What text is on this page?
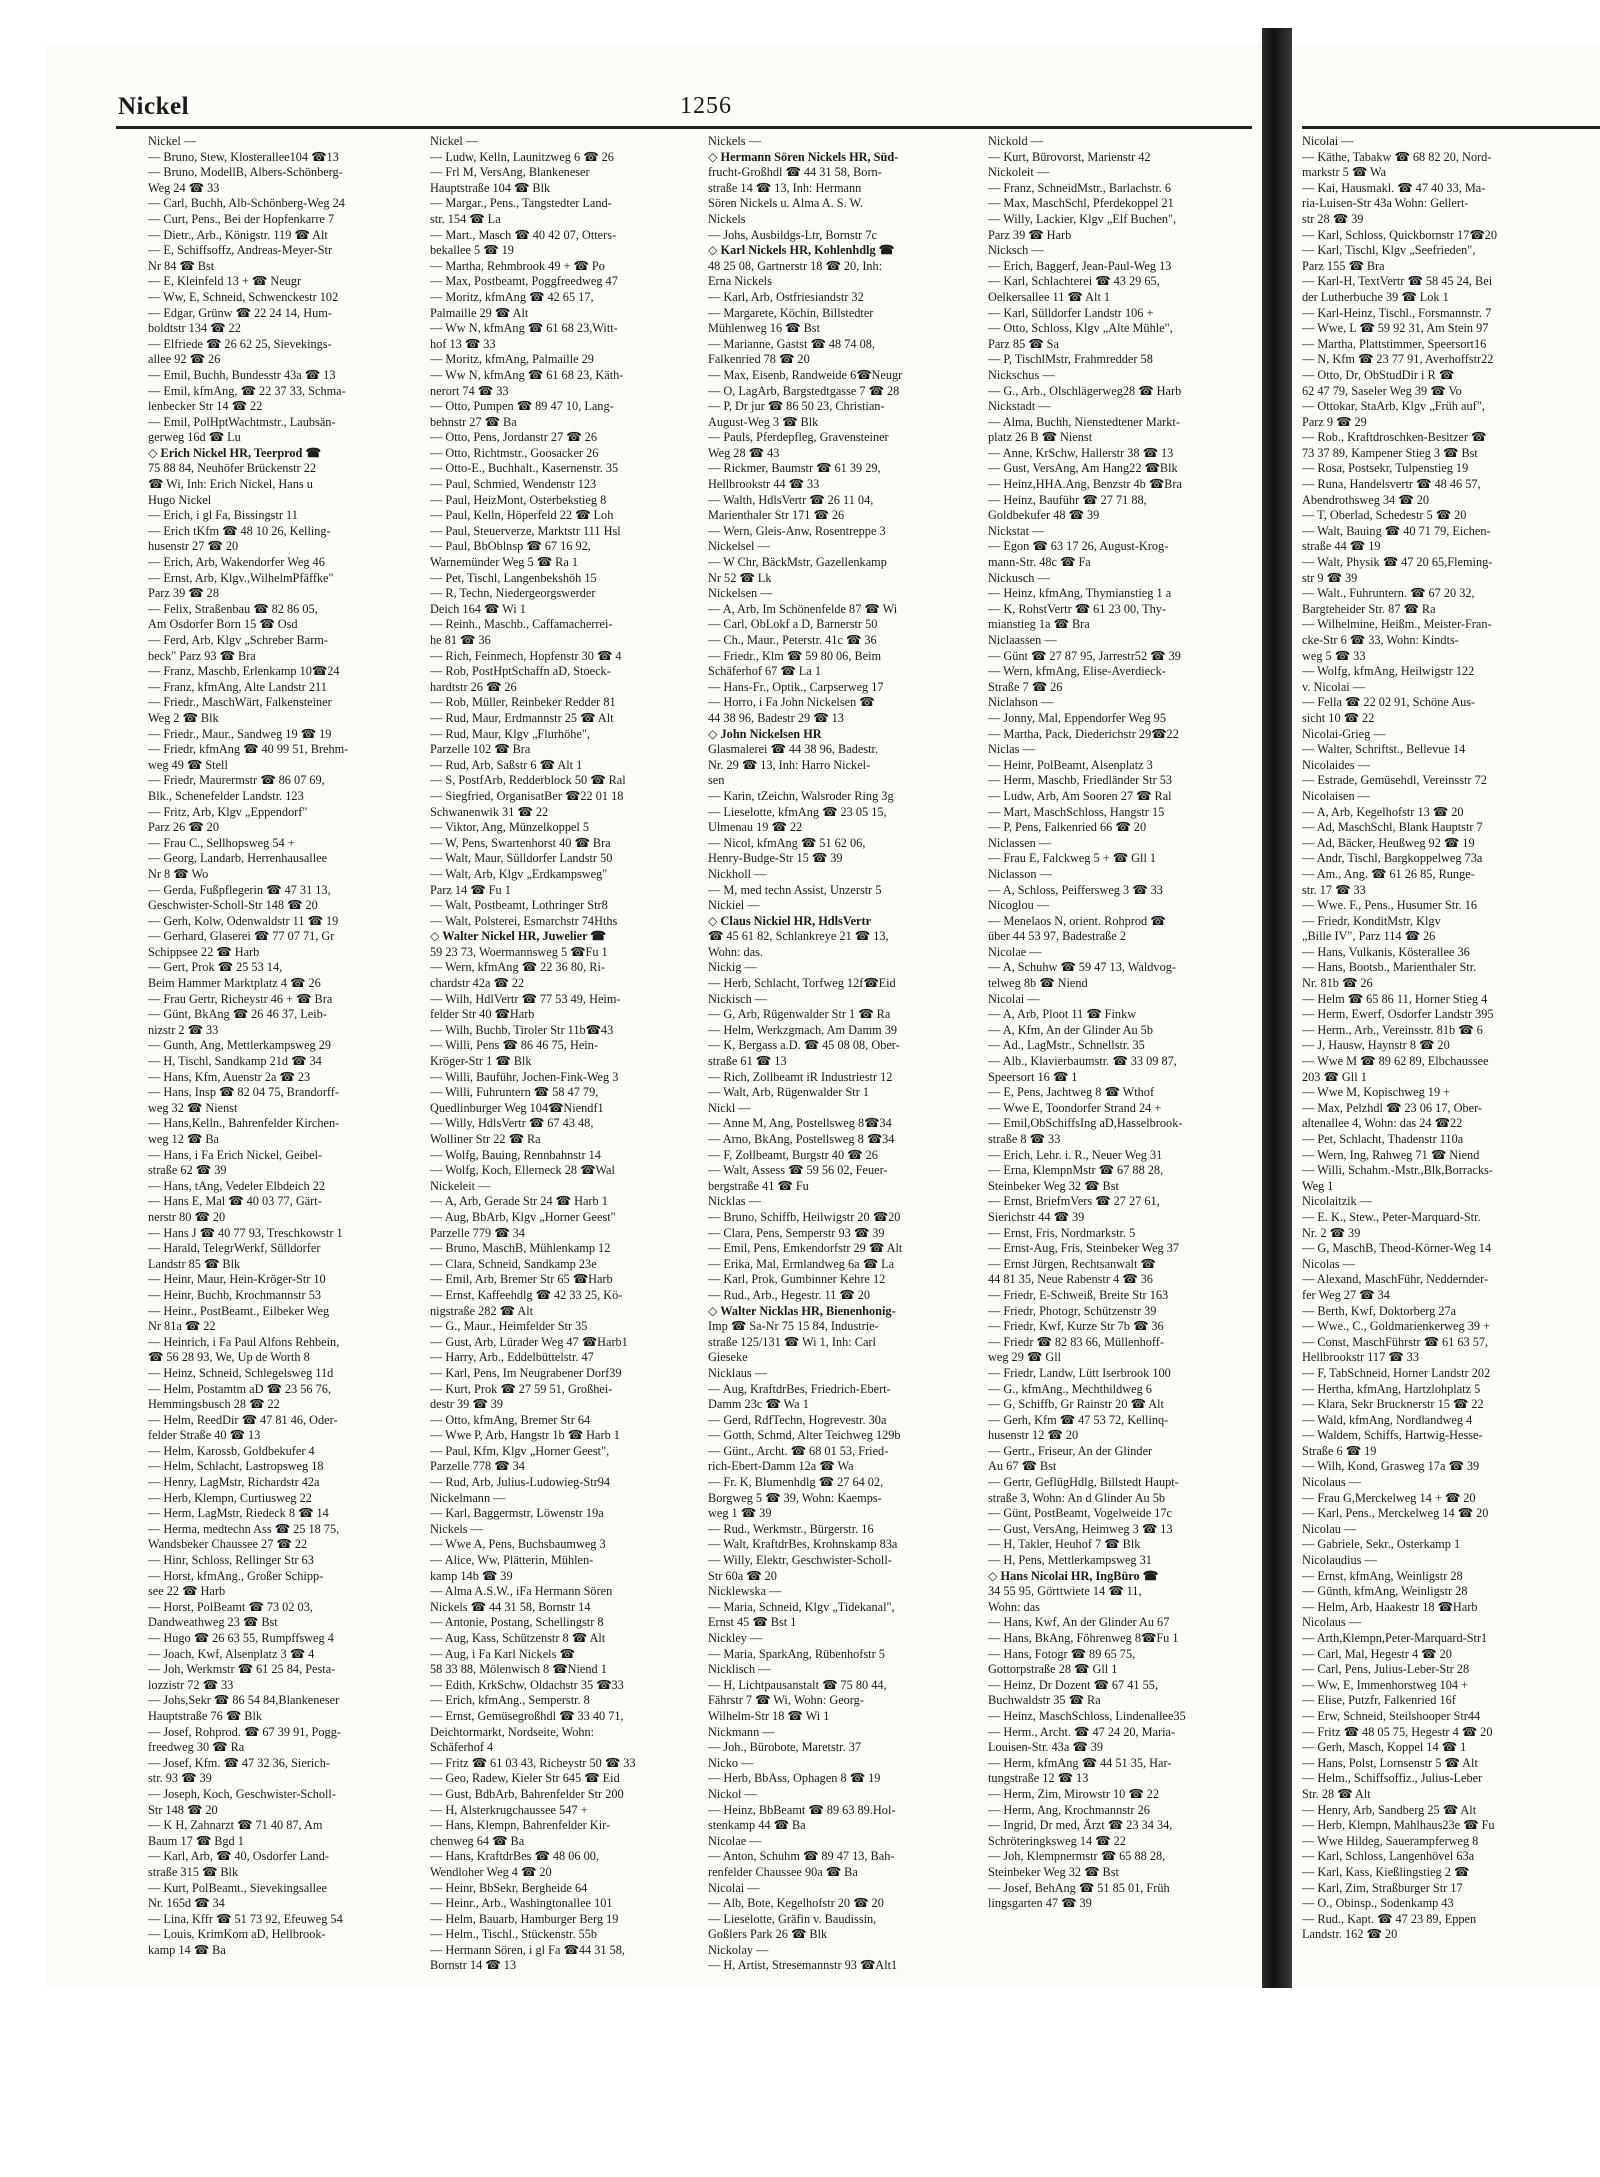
Nickel	1256
Nickel —
— Bruno, Stew, Klosterallee104 ☎13
— Bruno, ModellB, Albers-Schönberg-
Weg 24 ☎ 33
— Carl, Buchh, Alb-Schönberg-Weg 24
— Curt, Pens., Bei der Hopfenkarre 7
— Dietr., Arb., Königstr. 119 ☎ Alt
— E, Schiffsoffz, Andreas-Meyer-Str
Nr 84 ☎ Bst
— E, Kleinfeld 13 + ☎ Neugr
— Ww, E, Schneid, Schwenckestr 102
— Edgar, Grünw ☎ 22 24 14, Hum-
boldtstr 134 ☎ 22
— Elfriede ☎ 26 62 25, Sievekings-
allee 92 ☎ 26
— Emil, Buchh, Bundesstr 43a ☎ 13
— Emil, kfmAng, ☎ 22 37 33, Schma-
lenbecker Str 14 ☎ 22
— Emil, PolHptWachtmstr., Laubsän-
gerweg 16d ☎ Lu
◇ Erich Nickel HR, Teerprod ☎
75 88 84, Neuhöfer Brückenstr 22
☎ Wi, Inh: Erich Nickel, Hans u
Hugo Nickel
— Erich, i gl Fa, Bissingstr 11
— Erich tKfm ☎ 48 10 26, Kelling-
husenstr 27 ☎ 20
— Erich, Arb, Wakendorfer Weg 46
— Ernst, Arb, Klgv.,WilhelmPfäffke"
Parz 39 ☎ 28
— Felix, Straßenbau ☎ 82 86 05,
Am Osdorfer Born 15 ☎ Osd
— Ferd, Arb, Klgv „Schreber Barm-
beck" Parz 93 ☎ Bra
— Franz, Maschb, Erlenkamp 10☎24
— Franz, kfmAng, Alte Landstr 211
— Friedr., MaschWärt, Falkensteiner
Weg 2 ☎ Blk
— Friedr., Maur., Sandweg 19 ☎ 19
— Friedr, kfmAng ☎ 40 99 51, Brehm-
weg 49 ☎ Stell
— Friedr, Maurermstr ☎ 86 07 69,
Blk., Schenefelder Landstr. 123
— Fritz, Arb, Klgv „Eppendorf"
Parz 26 ☎ 20
— Frau C., Sellhopsweg 54 +
— Georg, Landarb, Herrenhausallee
Nr 8 ☎ Wo
— Gerda, Fußpflegerin ☎ 47 31 13,
Geschwister-Scholl-Str 148 ☎ 20
— Gerh, Kolw, Odenwaldstr 11 ☎ 19
— Gerhard, Glaserei ☎ 77 07 71, Gr
Schippsee 22 ☎ Harb
— Gert, Prok ☎ 25 53 14,
Beim Hammer Marktplatz 4 ☎ 26
— Frau Gertr, Richeystr 46 + ☎ Bra
— Günt, BkAng ☎ 26 46 37, Leib-
nizstr 2 ☎ 33
— Gunth, Ang, Mettlerkampsweg 29
— H, Tischl, Sandkamp 21d ☎ 34
— Hans, Kfm, Auenstr 2a ☎ 23
— Hans, Insp ☎ 82 04 75, Brandorff-
weg 32 ☎ Nienst
— Hans,Kelln., Bahrenfelder Kirchen-
weg 12 ☎ Ba
— Hans, i Fa Erich Nickel, Geibel-
straße 62 ☎ 39
— Hans, tAng, Vedeler Elbdeich 22
— Hans E, Mal ☎ 40 03 77, Gärt-
nerstr 80 ☎ 20
— Hans J ☎ 40 77 93, Treschkowstr 1
— Harald, TelegrWerkf, Sülldorfer
Landstr 85 ☎ Blk
— Heinr, Maur, Hein-Kröger-Str 10
— Heinr, Buchb, Krochmannstr 53
— Heinr., PostBeamt., Eilbeker Weg
Nr 81a ☎ 22
— Heinrich, i Fa Paul Alfons Rehbein,
☎ 56 28 93, We, Up de Worth 8
— Heinz, Schneid, Schlegelsweg 11d
— Helm, Postamtm aD ☎ 23 56 76,
Hemmingsbusch 28 ☎ 22
— Helm, ReedDir ☎ 47 81 46, Oder-
felder Straße 40 ☎ 13
— Helm, Karossb, Goldbekufer 4
— Helm, Schlacht, Lastropsweg 18
— Henry, LagMstr, Richardstr 42a
— Herb, Klempn, Curtiusweg 22
— Herm, LagMstr, Riedeck 8 ☎ 14
— Herma, medtechn Ass ☎ 25 18 75,
Wandsbeker Chaussee 27 ☎ 22
— Hinr, Schloss, Rellinger Str 63
— Horst, kfmAng., Großer Schipp-
see 22 ☎ Harb
— Horst, PolBeamt ☎ 73 02 03,
Dandweathweg 23 ☎ Bst
— Hugo ☎ 26 63 55, Rumpffsweg 4
— Joach, Kwf, Alsenplatz 3 ☎ 4
— Joh, Werkmstr ☎ 61 25 84, Pesta-
lozzistr 72 ☎ 33
— Johs,Sekr ☎ 86 54 84,Blankeneser
Hauptstraße 76 ☎ Blk
— Josef, Rohprod. ☎ 67 39 91, Pogg-
freedweg 30 ☎ Ra
— Josef, Kfm. ☎ 47 32 36, Sierich-
str. 93 ☎ 39
— Joseph, Koch, Geschwister-Scholl-
Str 148 ☎ 20
— K H, Zahnarzt ☎ 71 40 87, Am
Baum 17 ☎ Bgd 1
— Karl, Arb, ☎ 40, Osdorfer Land-
straße 315 ☎ Blk
— Kurt, PolBeamt., Sievekingsallee
Nr. 165d ☎ 34
— Lina, Kffr ☎ 51 73 92, Efeuweg 54
— Louis, KrimKom aD, Hellbrook-
kamp 14 ☎ Ba
Nickel —
— Ludw, Kelln, Launitzweg 6 ☎ 26
— Frl M, VersAng, Blankeneser
Hauptstraße 104 ☎ Blk
— Margar., Pens., Tangstedter Land-
str. 154 ☎ La
— Mart., Masch ☎ 40 42 07, Otters-
bekallee 5 ☎ 19
— Martha, Rehmbrook 49 + ☎ Po
— Max, Postbeamt, Poggfreedweg 47
— Moritz, kfmAng ☎ 42 65 17,
Palmaille 29 ☎ Alt
— Ww N, kfmAng ☎ 61 68 23,Witt-
hof 13 ☎ 33
— Moritz, kfmAng, Palmaille 29
— Ww N, kfmAng ☎ 61 68 23, Käth-
nerort 74 ☎ 33
— Otto, Pumpen ☎ 89 47 10, Lang-
behnstr 27 ☎ Ba
— Otto, Pens, Jordanstr 27 ☎ 26
— Otto, Richtmstr., Goosacker 26
— Otto-E., Buchhalt., Kasernenstr. 35
— Paul, Schmied, Wendenstr 123
— Paul, HeizMont, Osterbekstieg 8
— Paul, Kelln, Höperfeld 22 ☎ Loh
— Paul, Steuerverze, Marktstr 111 Hsl
— Paul, BbOblnsp ☎ 67 16 92,
Warnemünder Weg 5 ☎ Ra 1
— Pet, Tischl, Langenbekshöh 15
— R, Techn, Niedergeorgswerder
Deich 164 ☎ Wi 1
— Reinh., Maschb., Caffamacherrei-
he 81 ☎ 36
— Rich, Feinmech, Hopfenstr 30 ☎ 4
— Rob, PostHptSchaffn aD, Stoeck-
hardtstr 26 ☎ 26
— Rob, Müller, Reinbeker Redder 81
— Rud, Maur, Erdmannstr 25 ☎ Alt
— Rud, Maur, Klgv „Flurhöhe",
Parzelle 102 ☎ Bra
— Rud, Arb, Saßstr 6 ☎ Alt 1
— S, PostfArb, Redderblock 50 ☎ Ral
— Siegfried, OrganisatBer ☎22 01 18
Schwanenwik 31 ☎ 22
— Viktor, Ang, Münzelkoppel 5
— W, Pens, Swartenhorst 40 ☎ Bra
— Walt, Maur, Sülldorfer Landstr 50
— Walt, Arb, Klgv „Erdkampsweg"
Parz 14 ☎ Fu 1
— Walt, Postbeamt, Lothringer Str8
— Walt, Polsterei, Esmarchstr 74Hths
◇ Walter Nickel HR, Juwelier ☎
59 23 73, Woermannsweg 5 ☎Fu 1
— Wern, kfmAng ☎ 22 36 80, Ri-
chardstr 42a ☎ 22
— Wilh, HdlVertr ☎ 77 53 49, Heim-
felder Str 40 ☎Harb
— Wilh, Buchb, Tiroler Str 11b☎43
— Willi, Pens ☎ 86 46 75, Hein-
Kröger-Str 1 ☎ Blk
— Willi, Bauführ, Jochen-Fink-Weg 3
— Willi, Fuhruntern ☎ 58 47 79,
Quedlinburger Weg 104☎Niendf1
— Willy, HdlsVertr ☎ 67 43 48,
Wolliner Str 22 ☎ Ra
— Wolfg, Bauing, Rennbahnstr 14
— Wolfg, Koch, Ellerneck 28 ☎Wal
Nickeleit —
— A, Arb, Gerade Str 24 ☎ Harb 1
— Aug, BbArb, Klgv „Horner Geest"
Parzelle 779 ☎ 34
— Bruno, MaschB, Mühlenkamp 12
— Clara, Schneid, Sandkamp 23e
— Emil, Arb, Bremer Str 65 ☎Harb
— Ernst, Kaffeehdlg ☎ 42 33 25, Kö-
nigstraße 282 ☎ Alt
— G., Maur., Heimfelder Str 35
— Gust, Arb, Lürader Weg 47 ☎Harb1
— Harry, Arb., Eddelbüttelstr. 47
— Karl, Pens, Im Neugrabener Dorf39
— Kurt, Prok ☎ 27 59 51, Großhei-
destr 39 ☎ 39
— Otto, kfmAng, Bremer Str 64
— Wwe P, Arb, Hangstr 1b ☎ Harb 1
— Paul, Kfm, Klgv „Horner Geest",
Parzelle 778 ☎ 34
— Rud, Arb, Julius-Ludowieg-Str94
Nickelmann —
— Karl, Baggermstr, Löwenstr 19a
Nickels —
— Wwe A, Pens, Buchsbaumweg 3
— Alice, Ww, Plätterin, Mühlen-
kamp 14b ☎ 39
— Alma A.S.W., iFa Hermann Sören
Nickels ☎ 44 31 58, Bornstr 14
— Antonie, Postang, Schellingstr 8
— Aug, Kass, Schützenstr 8 ☎ Alt
— Aug, i Fa Karl Nickels ☎
58 33 88, Mölenwisch 8 ☎Niend 1
— Edith, KrkSchw, Oldachstr 35 ☎33
— Erich, kfmAng., Semperstr. 8
— Ernst, Gemüsegroßhdl ☎ 33 40 71,
Deichtormarkt, Nordseite, Wohn:
Schäferhof 4
— Fritz ☎ 61 03 43, Richeystr 50 ☎ 33
— Geo, Radew, Kieler Str 645 ☎ Eid
— Gust, BdbArb, Bahrenfelder Str 200
— H, Alsterkrugchaussee 547 +
— Hans, Klempn, Bahrenfelder Kir-
chenweg 64 ☎ Ba
— Hans, KraftdrBes ☎ 48 06 00,
Wendloher Weg 4 ☎ 20
— Heinr, BbSekr, Bergheide 64
— Heinr., Arb., Washingtonallee 101
— Helm, Bauarb, Hamburger Berg 19
— Helm., Tischl., Stückenstr. 55b
— Hermann Sören, i gl Fa ☎44 31 58,
Bornstr 14 ☎ 13
Nickels —
◇ Hermann Sören Nickels HR, Süd-
frucht-Großhdl ☎ 44 31 58, Born-
straße 14 ☎ 13, Inh: Hermann
Sören Nickels u. Alma A. S. W.
Nickels
— Johs, Ausbildgs-Ltr, Bornstr 7c
◇ Karl Nickels HR, Kohlenhdlg ☎
48 25 08, Gartnerstr 18 ☎ 20, Inh:
Erna Nickels
— Karl, Arb, Ostfriesiandstr 32
— Margarete, Köchin, Billstedter
Mühlenweg 16 ☎ Bst
— Marianne, Gastst ☎ 48 74 08,
Falkenried 78 ☎ 20
— Max, Eisenb, Randweide 6☎Neugr
— O, LagArb, Bargstedtgasse 7 ☎ 28
— P, Dr jur ☎ 86 50 23, Christian-
August-Weg 3 ☎ Blk
— Pauls, Pferdepfleg, Gravensteiner
Weg 28 ☎ 43
— Rickmer, Baumstr ☎ 61 39 29,
Hellbrookstr 44 ☎ 33
— Walth, HdlsVertr ☎ 26 11 04,
Marienthaler Str 171 ☎ 26
— Wern, Gleis-Anw, Rosentreppe 3
Nickelsel —
— W Chr, BäckMstr, Gazellenkamp
Nr 52 ☎ Lk
Nickelsen —
— A, Arb, Im Schönenfelde 87 ☎ Wi
— Carl, ObLokf a D, Barnerstr 50
— Ch., Maur., Peterstr. 41c ☎ 36
— Friedr., Klm ☎ 59 80 06, Beim
Schäferhof 67 ☎ La 1
— Hans-Fr., Optik., Carpserweg 17
— Horro, i Fa John Nickelsen ☎
44 38 96, Badestr 29 ☎ 13
◇ John Nickelsen HR
Glasmalerei ☎ 44 38 96, Badestr.
Nr. 29 ☎ 13, Inh: Harro Nickel-
sen
— Karin, tZeichn, Walsroder Ring 3g
— Lieselotte, kfmAng ☎ 23 05 15,
Ulmenau 19 ☎ 22
— Nicol, kfmAng ☎ 51 62 06,
Henry-Budge-Str 15 ☎ 39
Nickholl —
— M, med techn Assist, Unzerstr 5
Nickiel —
◇ Claus Nickiel HR, HdlsVertr
☎ 45 61 82, Schlankreye 21 ☎ 13,
Wohn: das.
Nickig —
— Herb, Schlacht, Torfweg 12f☎Eid
Nickisch —
— G, Arb, Rügenwalder Str 1 ☎ Ra
— Helm, Werkzgmach, Am Damm 39
— K, Bergass a.D. ☎ 45 08 08, Ober-
straße 61 ☎ 13
— Rich, Zollbeamt iR Industriestr 12
— Walt, Arb, Rügenwalder Str 1
Nickl —
— Anne M, Ang, Postellsweg 8☎34
— Arno, BkAng, Postellsweg 8 ☎34
— F, Zollbeamt, Burgstr 40 ☎ 26
— Walt, Assess ☎ 59 56 02, Feuer-
bergstraße 41 ☎ Fu
Nicklas —
— Bruno, Schiffb, Heilwigstr 20 ☎20
— Clara, Pens, Semperstr 93 ☎ 39
— Emil, Pens, Emkendorfstr 29 ☎ Alt
— Erika, Mal, Ermlandweg 6a ☎ La
— Karl, Prok, Gumbinner Kehre 12
— Rud., Arb., Hegestr. 11 ☎ 20
◇ Walter Nicklas HR, Bienenhonig-
Imp ☎ Sa-Nr 75 15 84, Industrie-
straße 125/131 ☎ Wi 1, Inh: Carl
Gieseke
Nicklaus —
— Aug, KraftdrBes, Friedrich-Ebert-
Damm 23c ☎ Wa 1
— Gerd, RdfTechn, Hogrevestr. 30a
— Gotth, Schmd, Alter Teichweg 129b
— Günt., Archt. ☎ 68 01 53, Fried-
rich-Ebert-Damm 12a ☎ Wa
— Fr. K, Blumenhdlg ☎ 27 64 02,
Borgweg 5 ☎ 39, Wohn: Kaemps-
weg 1 ☎ 39
— Rud., Werkmstr., Bürgerstr. 16
— Walt, KraftdrBes, Krohnskamp 83a
— Willy, Elektr, Geschwister-Scholl-
Str 60a ☎ 20
Nicklewska —
— Maria, Schneid, Klgv „Tidekanal",
Ernst 45 ☎ Bst 1
Nickley —
— Maria, SparkAng, Rübenhofstr 5
Nicklisch —
— H, Lichtpausanstalt ☎ 75 80 44,
Fährstr 7 ☎ Wi, Wohn: Georg-
Wilhelm-Str 18 ☎ Wi 1
Nickmann —
— Joh., Bürobote, Maretstr. 37
Nicko —
— Herb, BbAss, Ophagen 8 ☎ 19
Nickol —
— Heinz, BbBeamt ☎ 89 63 89.Hol-
stenkamp 44 ☎ Ba
Nicolae —
— Anton, Schuhm ☎ 89 47 13, Bah-
renfelder Chaussee 90a ☎ Ba
Nicolai —
— Alb, Bote, Kegelhofstr 20 ☎ 20
— Lieselotte, Gräfin v. Baudissin,
Goßlers Park 26 ☎ Blk
Nickolay —
— H, Artist, Stresemannstr 93 ☎Alt1
Nickold —
— Kurt, Bürovorst, Marienstr 42
Nickoleit —
— Franz, SchneidMstr., Barlachstr. 6
— Max, MaschSchl, Pferdekoppel 21
— Willy, Lackier, Klgv „Elf Buchen",
Parz 39 ☎ Harb
Nicksch —
— Erich, Baggerf, Jean-Paul-Weg 13
— Karl, Schlachterei ☎ 43 29 65,
Oelkersallee 11 ☎ Alt 1
— Karl, Sülldorfer Landstr 106 +
— Otto, Schloss, Klgv „Alte Mühle",
Parz 85 ☎ Sa
— P, TischlMstr, Frahmredder 58
Nickschus —
— G., Arb., Olschlägerweg28 ☎ Harb
Nickstadt —
— Alma, Buchh, Nienstedtener Markt-
platz 26 B ☎ Nienst
— Anne, KrSchw, Hallerstr 38 ☎ 13
— Gust, VersAng, Am Hang22 ☎Blk
— Heinz,HHA.Ang, Benzstr 4b ☎Bra
— Heinz, Bauführ ☎ 27 71 88,
Goldbekufer 48 ☎ 39
Nickstat —
— Egon ☎ 63 17 26, August-Krog-
mann-Str. 48c ☎ Fa
Nickusch —
— Heinz, kfmAng, Thymianstieg 1 a
— K, RohstVertr ☎ 61 23 00, Thy-
mianstieg 1a ☎ Bra
Niclaassen —
— Günt ☎ 27 87 95, Jarrestr52 ☎ 39
— Wern, kfmAng, Elise-Averdieck-
Straße 7 ☎ 26
Niclahson —
— Jonny, Mal, Eppendorfer Weg 95
— Martha, Pack, Diederichstr 29☎22
Niclas —
— Heinr, PolBeamt, Alsenplatz 3
— Herm, Maschb, Friedländer Str 53
— Ludw, Arb, Am Sooren 27 ☎ Ral
— Mart, MaschSchloss, Hangstr 15
— P, Pens, Falkenried 66 ☎ 20
Niclassen —
— Frau E, Falckweg 5 + ☎ Gll 1
Niclasson —
— A, Schloss, Peiffersweg 3 ☎ 33
Nicoglou —
— Menelaos N, orient. Rohprod ☎
über 44 53 97, Badestraße 2
Nicolae —
— A, Schuhw ☎ 59 47 13, Waldvog-
telweg 8b ☎ Niend
Nicolai —
— A, Arb, Ploot 11 ☎ Finkw
— A, Kfm, An der Glinder Au 5b
— Ad., LagMstr., Schnellstr. 35
— Alb., Klavierbaumstr. ☎ 33 09 87,
Speersort 16 ☎ 1
— E, Pens, Jachtweg 8 ☎ Wthof
— Wwe E, Toondorfer Strand 24 +
— Emil,ObSchiffsIng aD,Hasselbrook-
straße 8 ☎ 33
— Erich, Lehr. i. R., Neuer Weg 31
— Erna, KlempnMstr ☎ 67 88 28,
Steinbeker Weg 32 ☎ Bst
— Ernst, BriefmVers ☎ 27 27 61,
Sierichstr 44 ☎ 39
— Ernst, Fris, Nordmarkstr. 5
— Ernst-Aug, Fris, Steinbeker Weg 37
— Ernst Jürgen, Rechtsanwalt ☎
44 81 35, Neue Rabenstr 4 ☎ 36
— Friedr, E-Schweiß, Breite Str 163
— Friedr, Photogr, Schützenstr 39
— Friedr, Kwf, Kurze Str 7b ☎ 36
— Friedr ☎ 82 83 66, Müllenhoff-
weg 29 ☎ Gll
— Friedr, Landw, Lütt Iserbrook 100
— G., kfmAng., Mechthildweg 6
— G, Schiffb, Gr Rainstr 20 ☎ Alt
— Gerh, Kfm ☎ 47 53 72, Kellinq-
husenstr 12 ☎ 20
— Gertr., Friseur, An der Glinder
Au 67 ☎ Bst
— Gertr, GeflügHdlg, Billstedt Haupt-
straße 3, Wohn: An d Glinder Au 5b
— Günt, PostBeamt, Vogelweide 17c
— Gust, VersAng, Heimweg 3 ☎ 13
— H, Takler, Heuhof 7 ☎ Blk
— H, Pens, Mettlerkampsweg 31
◇ Hans Nicolai HR, IngBüro ☎
34 55 95, Görttwiete 14 ☎ 11,
Wohn: das
— Hans, Kwf, An der Glinder Au 67
— Hans, BkAng, Föhrenweg 8☎Fu 1
— Hans, Fotogr ☎ 89 65 75,
Gottorpstraße 28 ☎ Gll 1
— Heinz, Dr Dozent ☎ 67 41 55,
Buchwaldstr 35 ☎ Ra
— Heinz, MaschSchloss, Lindenallee35
— Herm., Archt. ☎ 47 24 20, Maria-
Louisen-Str. 43a ☎ 39
— Herm, kfmAng ☎ 44 51 35, Har-
tungstraße 12 ☎ 13
— Herm, Zim, Mirowstr 10 ☎ 22
— Herm, Ang, Krochmannstr 26
— Ingrid, Dr med, Ärzt ☎ 23 34 34,
Schröteringksweg 14 ☎ 22
— Joh, Klempnermstr ☎ 65 88 28,
Steinbeker Weg 32 ☎ Bst
— Josef, BehAng ☎ 51 85 01, Früh
lingsgarten 47 ☎ 39
Nicolai —
— Käthe, Tabakw ☎ 68 82 20, Nord-
markstr 5 ☎ Wa
— Kai, Hausmakl. ☎ 47 40 33, Ma-
ria-Luisen-Str 43a Wohn: Gellert-
str 28 ☎ 39
— Karl, Schloss, Quickbornstr 17☎20
— Karl, Tischl, Klgv „Seefrieden",
Parz 155 ☎ Bra
— Karl-H, TextVertr ☎ 58 45 24, Bei
der Lutherbuche 39 ☎ Lok 1
— Karl-Heinz, Tischl., Forsmannstr. 7
— Wwe, L ☎ 59 92 31, Am Stein 97
— Martha, Plattstimmer, Speersort16
— N, Kfm ☎ 23 77 91, Averhoffstr22
— Otto, Dr, ObStudDir i R ☎
62 47 79, Saseler Weg 39 ☎ Vo
— Ottokar, StaArb, Klgv „Früh auf",
Parz 9 ☎ 29
— Rob., Kraftdroschken-Besitzer ☎
73 37 89, Kampener Stieg 3 ☎ Bst
— Rosa, Postsekr, Tulpenstieg 19
— Runa, Handelsvertr ☎ 48 46 57,
Abendrothsweg 34 ☎ 20
— T, Oberlad, Schedestr 5 ☎ 20
— Walt, Bauing ☎ 40 71 79, Eichen-
straße 44 ☎ 19
— Walt, Physik ☎ 47 20 65,Fleming-
str 9 ☎ 39
— Walt., Fuhruntern. ☎ 67 20 32,
Bargteheider Str. 87 ☎ Ra
— Wilhelmine, Heißm., Meister-Fran-
cke-Str 6 ☎ 33, Wohn: Kindts-
weg 5 ☎ 33
— Wolfg, kfmAng, Heilwigstr 122
v. Nicolai —
— Fella ☎ 22 02 91, Schöne Aus-
sicht 10 ☎ 22
Nicolai-Grieg —
— Walter, Schriftst., Bellevue 14
Nicolaides —
— Estrade, Gemüsehdl, Vereinsstr 72
Nicolaisen —
— A, Arb, Kegelhofstr 13 ☎ 20
— Ad, MaschSchl, Blank Hauptstr 7
— Ad, Bäcker, Heußweg 92 ☎ 19
— Andr, Tischl, Bargkoppelweg 73a
— Am., Ang. ☎ 61 26 85, Runge-
str. 17 ☎ 33
— Wwe. F., Pens., Husumer Str. 16
— Friedr, KonditMstr, Klgv
„Bille IV", Parz 114 ☎ 26
— Hans, Vulkanis, Kösterallee 36
— Hans, Bootsb., Marienthaler Str.
Nr. 81b ☎ 26
— Helm ☎ 65 86 11, Horner Stieg 4
— Herm, Ewerf, Osdorfer Landstr 395
— Herm., Arb., Vereinsstr. 81b ☎ 6
— J, Hausw, Haynstr 8 ☎ 20
— Wwe M ☎ 89 62 89, Elbchaussee
203 ☎ Gll 1
— Wwe M, Kopischweg 19 +
— Max, Pelzhdl ☎ 23 06 17, Ober-
altenallee 4, Wohn: das 24 ☎22
— Pet, Schlacht, Thadenstr 110a
— Wern, Ing, Rahweg 71 ☎ Niend
— Willi, Schahm.-Mstr.,Blk,Borracks-
Weg 1
Nicolaitzik —
— E. K., Stew., Peter-Marquard-Str.
Nr. 2 ☎ 39
— G, MaschB, Theod-Körner-Weg 14
Nicolas —
— Alexand, MaschFühr, Neddernder-
fer Weg 27 ☎ 34
— Berth, Kwf, Doktorberg 27a
— Wwe., C., Goldmarienkerweg 39 +
— Const, MaschFührstr ☎ 61 63 57,
Hellbrookstr 117 ☎ 33
— F, TabSchneid, Horner Landstr 202
— Hertha, kfmAng, Hartzlohplatz 5
— Klara, Sekr Brucknerstr 15 ☎ 22
— Wald, kfmAng, Nordlandweg 4
— Waldem, Schiffs, Hartwig-Hesse-
Straße 6 ☎ 19
— Wilh, Kond, Grasweg 17a ☎ 39
Nicolaus —
— Frau G,Merckelweg 14 + ☎ 20
— Karl, Pens., Merckelweg 14 ☎ 20
Nicolau —
— Gabriele, Sekr., Osterkamp 1
Nicolaudius —
— Ernst, kfmAng, Weinligstr 28
— Günth, kfmAng, Weinligstr 28
— Helm, Arb, Haakestr 18 ☎Harb
Nicolaus —
— Arth,Klempn,Peter-Marquard-Str1
— Carl, Mal, Hegestr 4 ☎ 20
— Carl, Pens, Julius-Leber-Str 28
— Ww, E, Immenhorstweg 104 +
— Elise, Putzfr, Falkenried 16f
— Erw, Schneid, Steilshooper Str44
— Fritz ☎ 48 05 75, Hegestr 4 ☎ 20
— Gerh, Masch, Koppel 14 ☎ 1
— Hans, Polst, Lornsenstr 5 ☎ Alt
— Helm., Schiffsoffiz., Julius-Leber
Str. 28 ☎ Alt
— Henry, Arb, Sandberg 25 ☎ Alt
— Herb, Klempn, Mahlhaus23e ☎ Fu
— Wwe Hildeg, Sauerampferweg 8
— Karl, Schloss, Langenhövel 63a
— Karl, Kass, Kießlingstieg 2 ☎
— Karl, Zim, Straßburger Str 17
— O., Obinsp., Sodenkamp 43
— Rud., Kapt. ☎ 47 23 89, Eppen
Landstr. 162 ☎ 20
